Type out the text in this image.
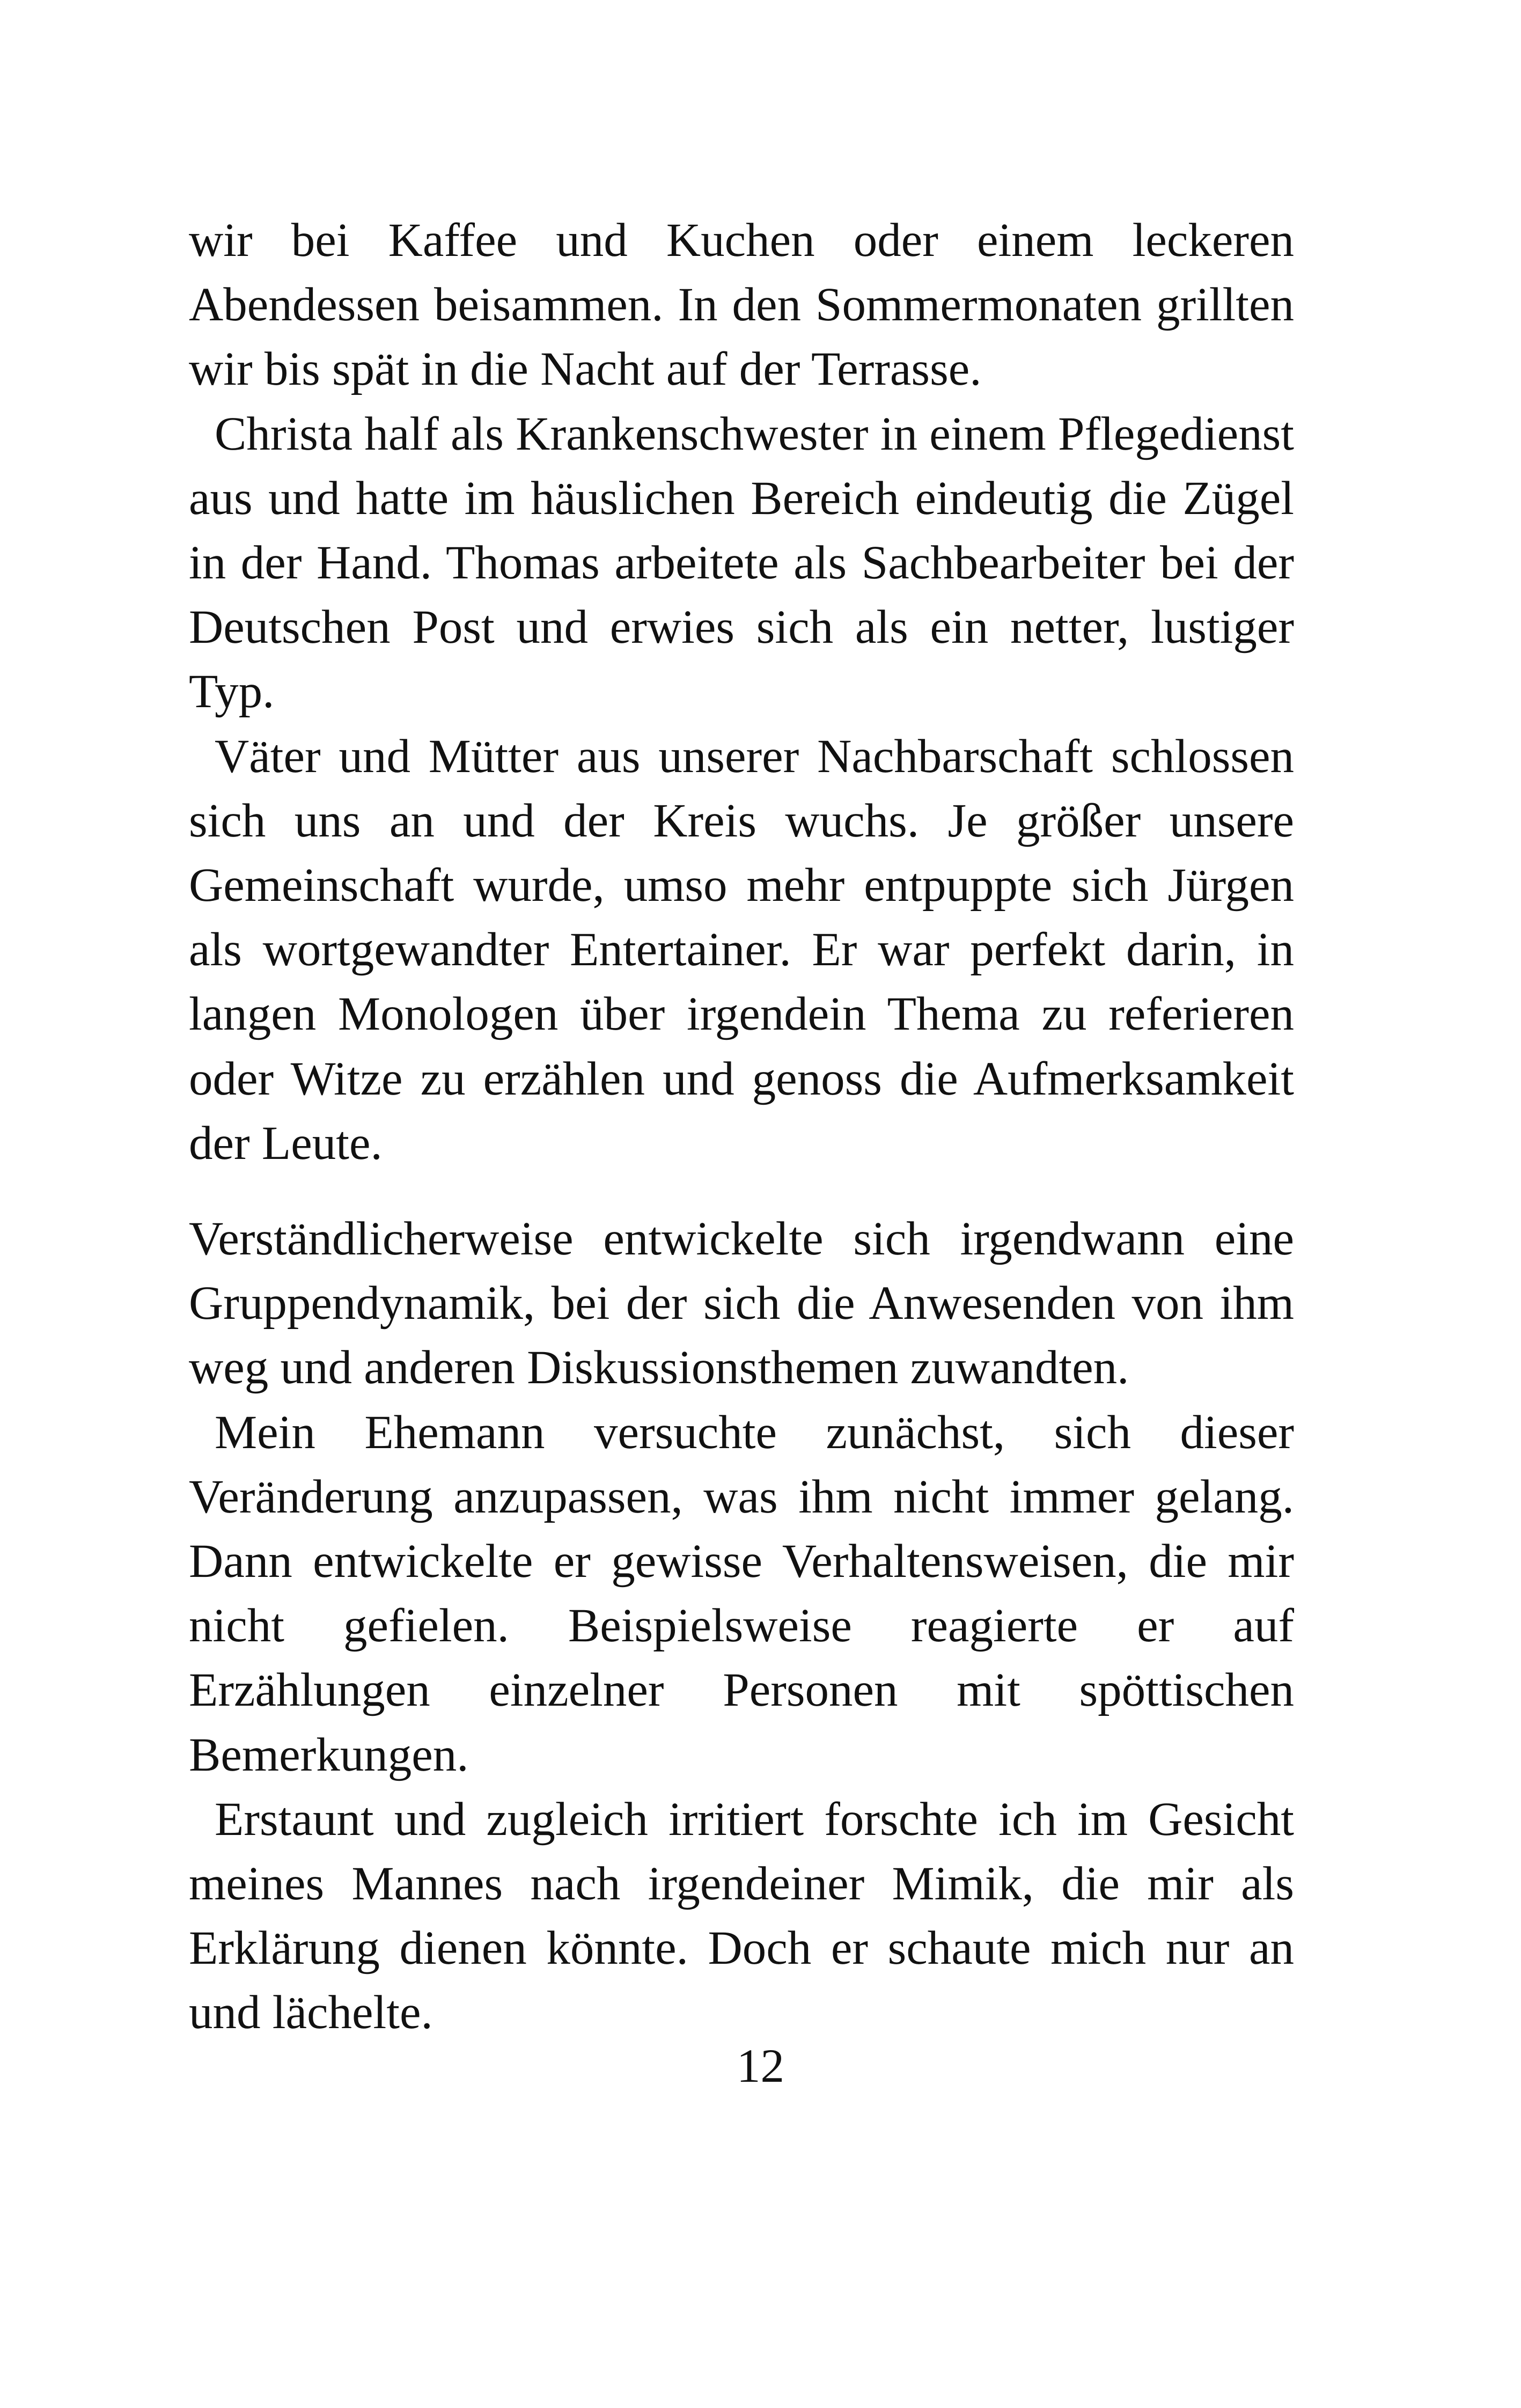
wir bei Kaffee und Kuchen oder einem leckeren Abendessen beisammen. In den Sommermonaten grillten wir bis spät in die Nacht auf der Terrasse.

Christa half als Krankenschwester in einem Pflegedienst aus und hatte im häuslichen Bereich eindeutig die Zügel in der Hand. Thomas arbeitete als Sachbearbeiter bei der Deutschen Post und erwies sich als ein netter, lustiger Typ.

Väter und Mütter aus unserer Nachbarschaft schlossen sich uns an und der Kreis wuchs. Je größer unsere Gemeinschaft wurde, umso mehr entpuppte sich Jürgen als wortgewandter Entertainer. Er war perfekt darin, in langen Monologen über irgendein Thema zu referieren oder Witze zu erzählen und genoss die Aufmerksamkeit der Leute.

Verständlicherweise entwickelte sich irgendwann eine Gruppendynamik, bei der sich die Anwesenden von ihm weg und anderen Diskussionsthemen zuwandten.

Mein Ehemann versuchte zunächst, sich dieser Veränderung anzupassen, was ihm nicht immer gelang. Dann entwickelte er gewisse Verhaltensweisen, die mir nicht gefielen. Beispielsweise reagierte er auf Erzählungen einzelner Personen mit spöttischen Bemerkungen.

Erstaunt und zugleich irritiert forschte ich im Gesicht meines Mannes nach irgendeiner Mimik, die mir als Erklärung dienen könnte. Doch er schaute mich nur an und lächelte.

12
